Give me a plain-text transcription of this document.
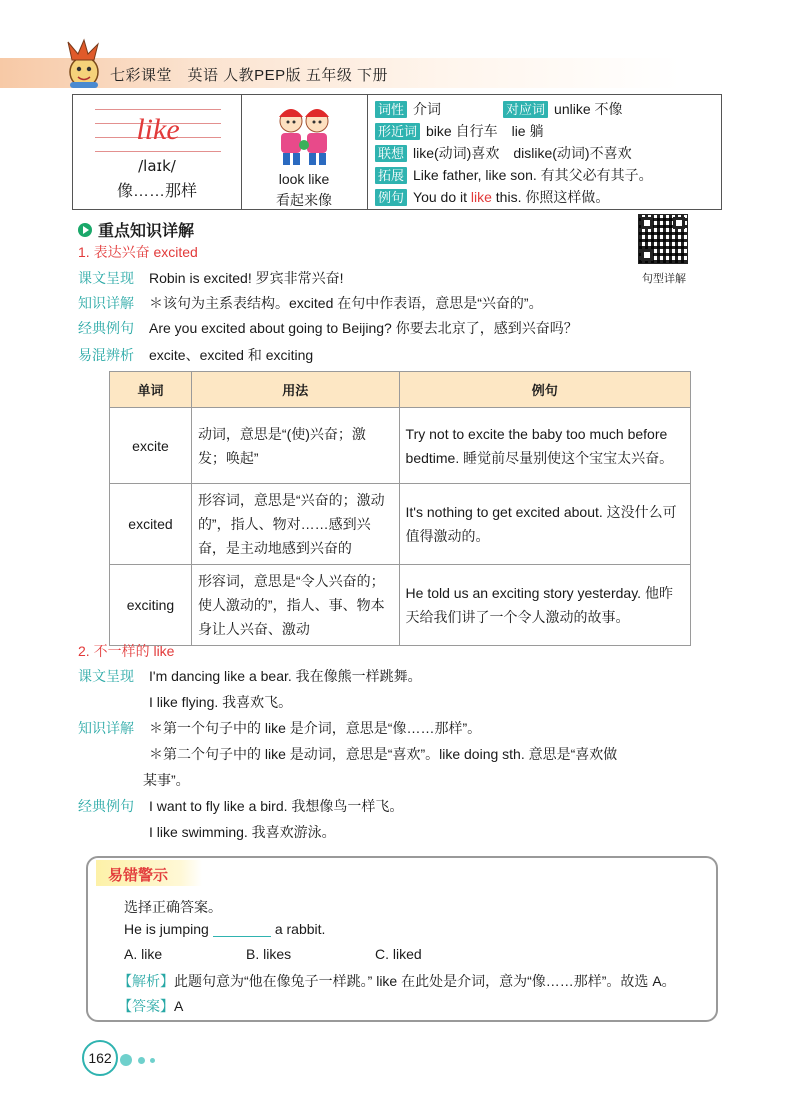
七彩课堂　英语 人教PEP版 五年级 下册
like
/laɪk/
像……那样
look like
看起来像
词性 介词	对应词 unlike 不像
形近词 bike 自行车　lie 躺
联想 like(动词)喜欢　dislike(动词)不喜欢
拓展 Like father, like son. 有其父必有其子。
例句 You do it like this. 你照这样做。
重点知识详解
句型详解
1. 表达兴奋 excited
课文呈现 Robin is excited! 罗宾非常兴奋!
知识详解 ＊该句为主系表结构。excited 在句中作表语，意思是“兴奋的”。
经典例句 Are you excited about going to Beijing? 你要去北京了，感到兴奋吗？
易混辨析 excite、excited 和 exciting
单词	用法	例句
excite	动词，意思是“(使)兴奋；激发；唤起”	Try not to excite the baby too much before bedtime. 睡觉前尽量别使这个宝宝太兴奋。
excited	形容词，意思是“兴奋的；激动的”，指人、物对……感到兴奋，是主动地感到兴奋的	It's nothing to get excited about. 这没什么可值得激动的。
exciting	形容词，意思是“令人兴奋的；使人激动的”，指人、事、物本身让人兴奋、激动	He told us an exciting story yesterday. 他昨天给我们讲了一个令人激动的故事。
2. 不一样的 like
课文呈现 I'm dancing like a bear. 我在像熊一样跳舞。
I like flying. 我喜欢飞。
知识详解 ＊第一个句子中的 like 是介词，意思是“像……那样”。
＊第二个句子中的 like 是动词，意思是“喜欢”。like doing sth. 意思是“喜欢做
某事”。
经典例句 I want to fly like a bird. 我想像鸟一样飞。
I like swimming. 我喜欢游泳。
易错警示
选择正确答案。
He is jumping	a rabbit.
A. like	B. likes	C. liked
【解析】此题句意为“他在像兔子一样跳。” like 在此处是介词，意为“像……那样”。故选 A。
【答案】A
162
